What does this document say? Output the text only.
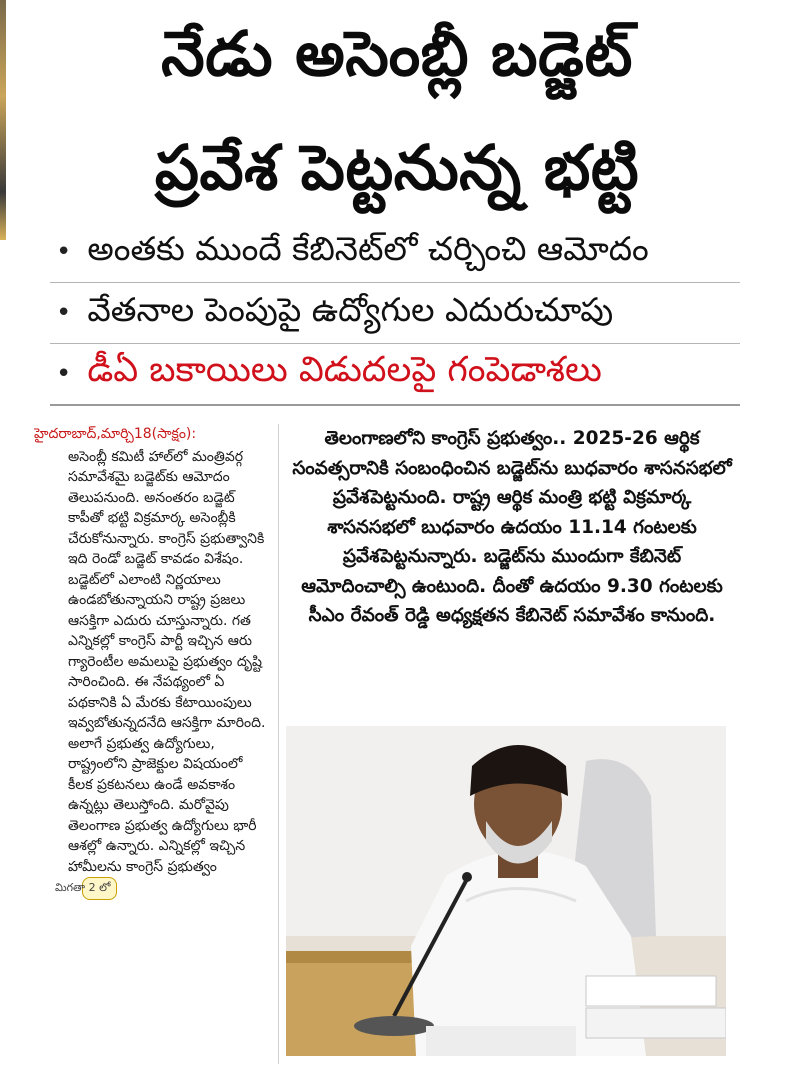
నేడు అసెంబ్లీ బడ్జెట్
ప్రవేశ పెట్టనున్న భట్టి
• అంతకు ముందే కేబినెట్‌లో చర్చించి ఆమోదం
• వేతనాల పెంపుపై ఉద్యోగుల ఎదురుచూపు
• డీఏ బకాయిలు విడుదలపై గంపెడాశలు

హైదరాబాద్,మార్చి18(సాక్షం):
అసెంబ్లీ కమిటీ హాల్‌లో మంత్రివర్గ సమావేశమై బడ్జెట్‌కు ఆమోదం తెలుపనుంది. అనంతరం బడ్జెట్ కాపీతో భట్టి విక్రమార్క అసెంబ్లీకి చేరుకోనున్నారు. కాంగ్రెస్ ప్రభుత్వానికి ఇది రెండో బడ్జెట్ కావడం విశేషం. బడ్జెట్‌లో ఎలాంటి నిర్ణయాలు ఉండబోతున్నాయని రాష్ట్ర ప్రజలు ఆసక్తిగా ఎదురు చూస్తున్నారు. గత ఎన్నికల్లో కాంగ్రెస్ పార్టీ ఇచ్చిన ఆరు గ్యారెంటీల అమలుపై ప్రభుత్వం దృష్టి సారించింది. ఈ నేపథ్యంలో ఏ పథకానికి ఏ మేరకు కేటాయింపులు ఇవ్వబోతున్నదనేది ఆసక్తిగా మారింది. అలాగే ప్రభుత్వ ఉద్యోగులు, రాష్ట్రంలోని ప్రాజెక్టుల విషయంలో కీలక ప్రకటనలు ఉండే అవకాశం ఉన్నట్లు తెలుస్తోంది. మరోవైపు తెలంగాణ ప్రభుత్వ ఉద్యోగులు భారీ ఆశల్లో ఉన్నారు. ఎన్నికల్లో ఇచ్చిన హామీలను కాంగ్రెస్ ప్రభుత్వం మిగతా 2 లో

తెలంగాణలోని కాంగ్రెస్ ప్రభుత్వం.. 2025-26 ఆర్థిక సంవత్సరానికి సంబంధించిన బడ్జెట్‌ను బుధవారం శాసనసభలో ప్రవేశపెట్టనుంది. రాష్ట్ర ఆర్థిక మంత్రి భట్టి విక్రమార్క శాసనసభలో బుధవారం ఉదయం 11.14 గంటలకు ప్రవేశపెట్టనున్నారు. బడ్జెట్‌ను ముందుగా కేబినెట్ ఆమోదించాల్సి ఉంటుంది. దీంతో ఉదయం 9.30 గంటలకు సీఎం రేవంత్ రెడ్డి అధ్యక్షతన కేబినెట్ సమావేశం కానుంది.
